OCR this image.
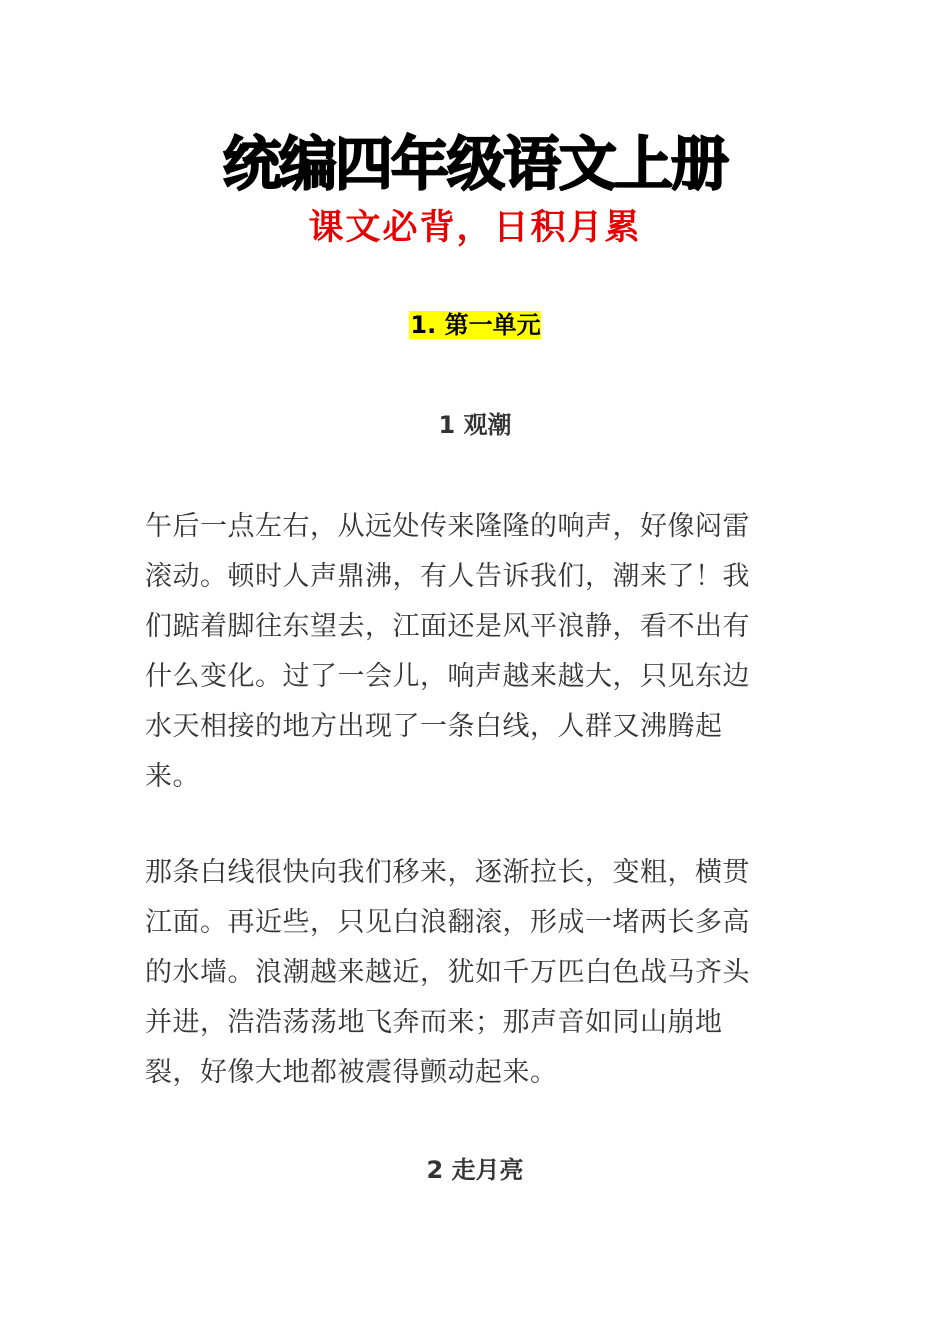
统编四年级语文上册
课文必背，日积月累
1. 第一单元
1 观潮
午后一点左右，从远处传来隆隆的响声，好像闷雷
滚动。顿时人声鼎沸，有人告诉我们，潮来了！我
们踮着脚往东望去，江面还是风平浪静，看不出有
什么变化。过了一会儿，响声越来越大，只见东边
水天相接的地方出现了一条白线，人群又沸腾起
来。
那条白线很快向我们移来，逐渐拉长，变粗，横贯
江面。再近些，只见白浪翻滚，形成一堵两长多高
的水墙。浪潮越来越近，犹如千万匹白色战马齐头
并进，浩浩荡荡地飞奔而来；那声音如同山崩地
裂，好像大地都被震得颤动起来。
2 走月亮
